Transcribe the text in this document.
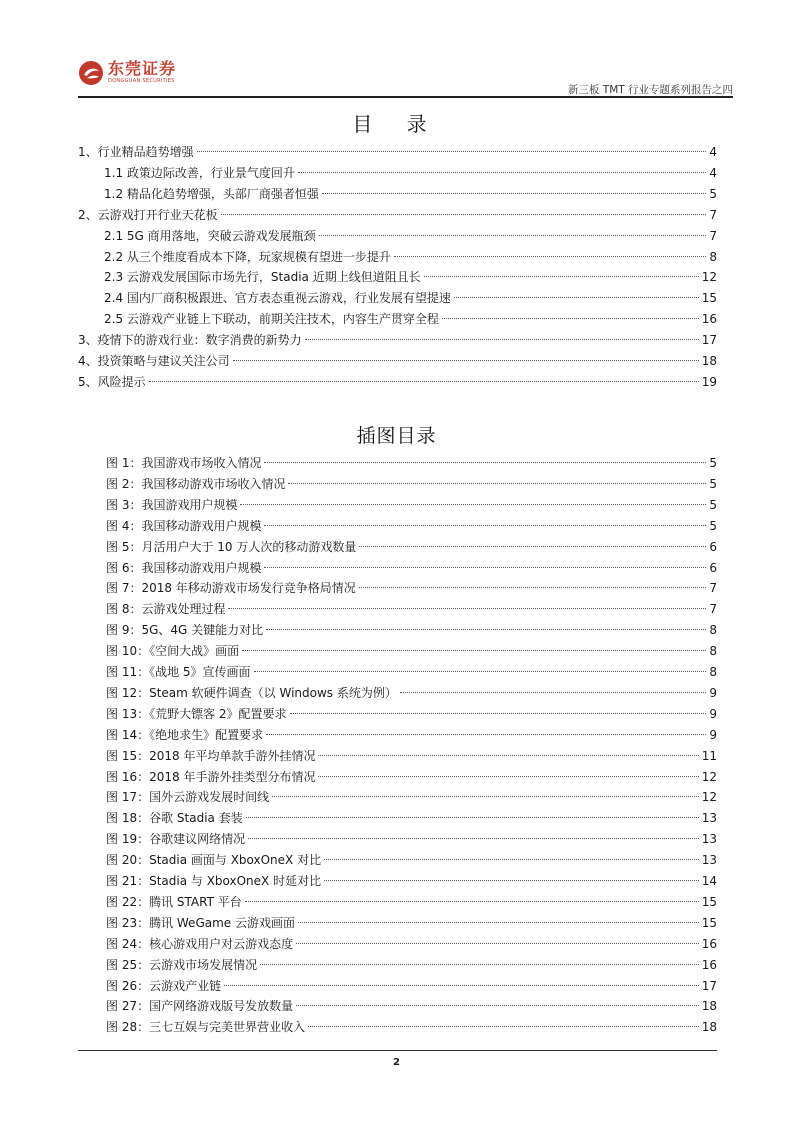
东莞证券
DONGGUAN SECURITIES
新三板 TMT 行业专题系列报告之四
目 录
1、行业精品趋势增强	4
1.1 政策边际改善，行业景气度回升	4
1.2 精品化趋势增强，头部厂商强者恒强	5
2、云游戏打开行业天花板	7
2.1 5G 商用落地，突破云游戏发展瓶颈	7
2.2 从三个维度看成本下降，玩家规模有望进一步提升	8
2.3 云游戏发展国际市场先行，Stadia 近期上线但道阻且长	12
2.4 国内厂商积极跟进、官方表态重视云游戏，行业发展有望提速	15
2.5 云游戏产业链上下联动，前期关注技术，内容生产贯穿全程	16
3、疫情下的游戏行业：数字消费的新势力	17
4、投资策略与建议关注公司	18
5、风险提示	19
插图目录
图 1：我国游戏市场收入情况	5
图 2：我国移动游戏市场收入情况	5
图 3：我国游戏用户规模	5
图 4：我国移动游戏用户规模	5
图 5：月活用户大于 10 万人次的移动游戏数量	6
图 6：我国移动游戏用户规模	6
图 7：2018 年移动游戏市场发行竞争格局情况	7
图 8：云游戏处理过程	7
图 9：5G、4G 关键能力对比	8
图 10：《空间大战》画面	8
图 11：《战地 5》宣传画面	8
图 12：Steam 软硬件调查（以 Windows 系统为例）	9
图 13：《荒野大镖客 2》配置要求	9
图 14：《绝地求生》配置要求	9
图 15：2018 年平均单款手游外挂情况	11
图 16：2018 年手游外挂类型分布情况	12
图 17：国外云游戏发展时间线	12
图 18：谷歌 Stadia 套装	13
图 19：谷歌建议网络情况	13
图 20：Stadia 画面与 XboxOneX 对比	13
图 21：Stadia 与 XboxOneX 时延对比	14
图 22：腾讯 START 平台	15
图 23：腾讯 WeGame 云游戏画面	15
图 24：核心游戏用户对云游戏态度	16
图 25：云游戏市场发展情况	16
图 26：云游戏产业链	17
图 27：国产网络游戏版号发放数量	18
图 28：三七互娱与完美世界营业收入	18
2
